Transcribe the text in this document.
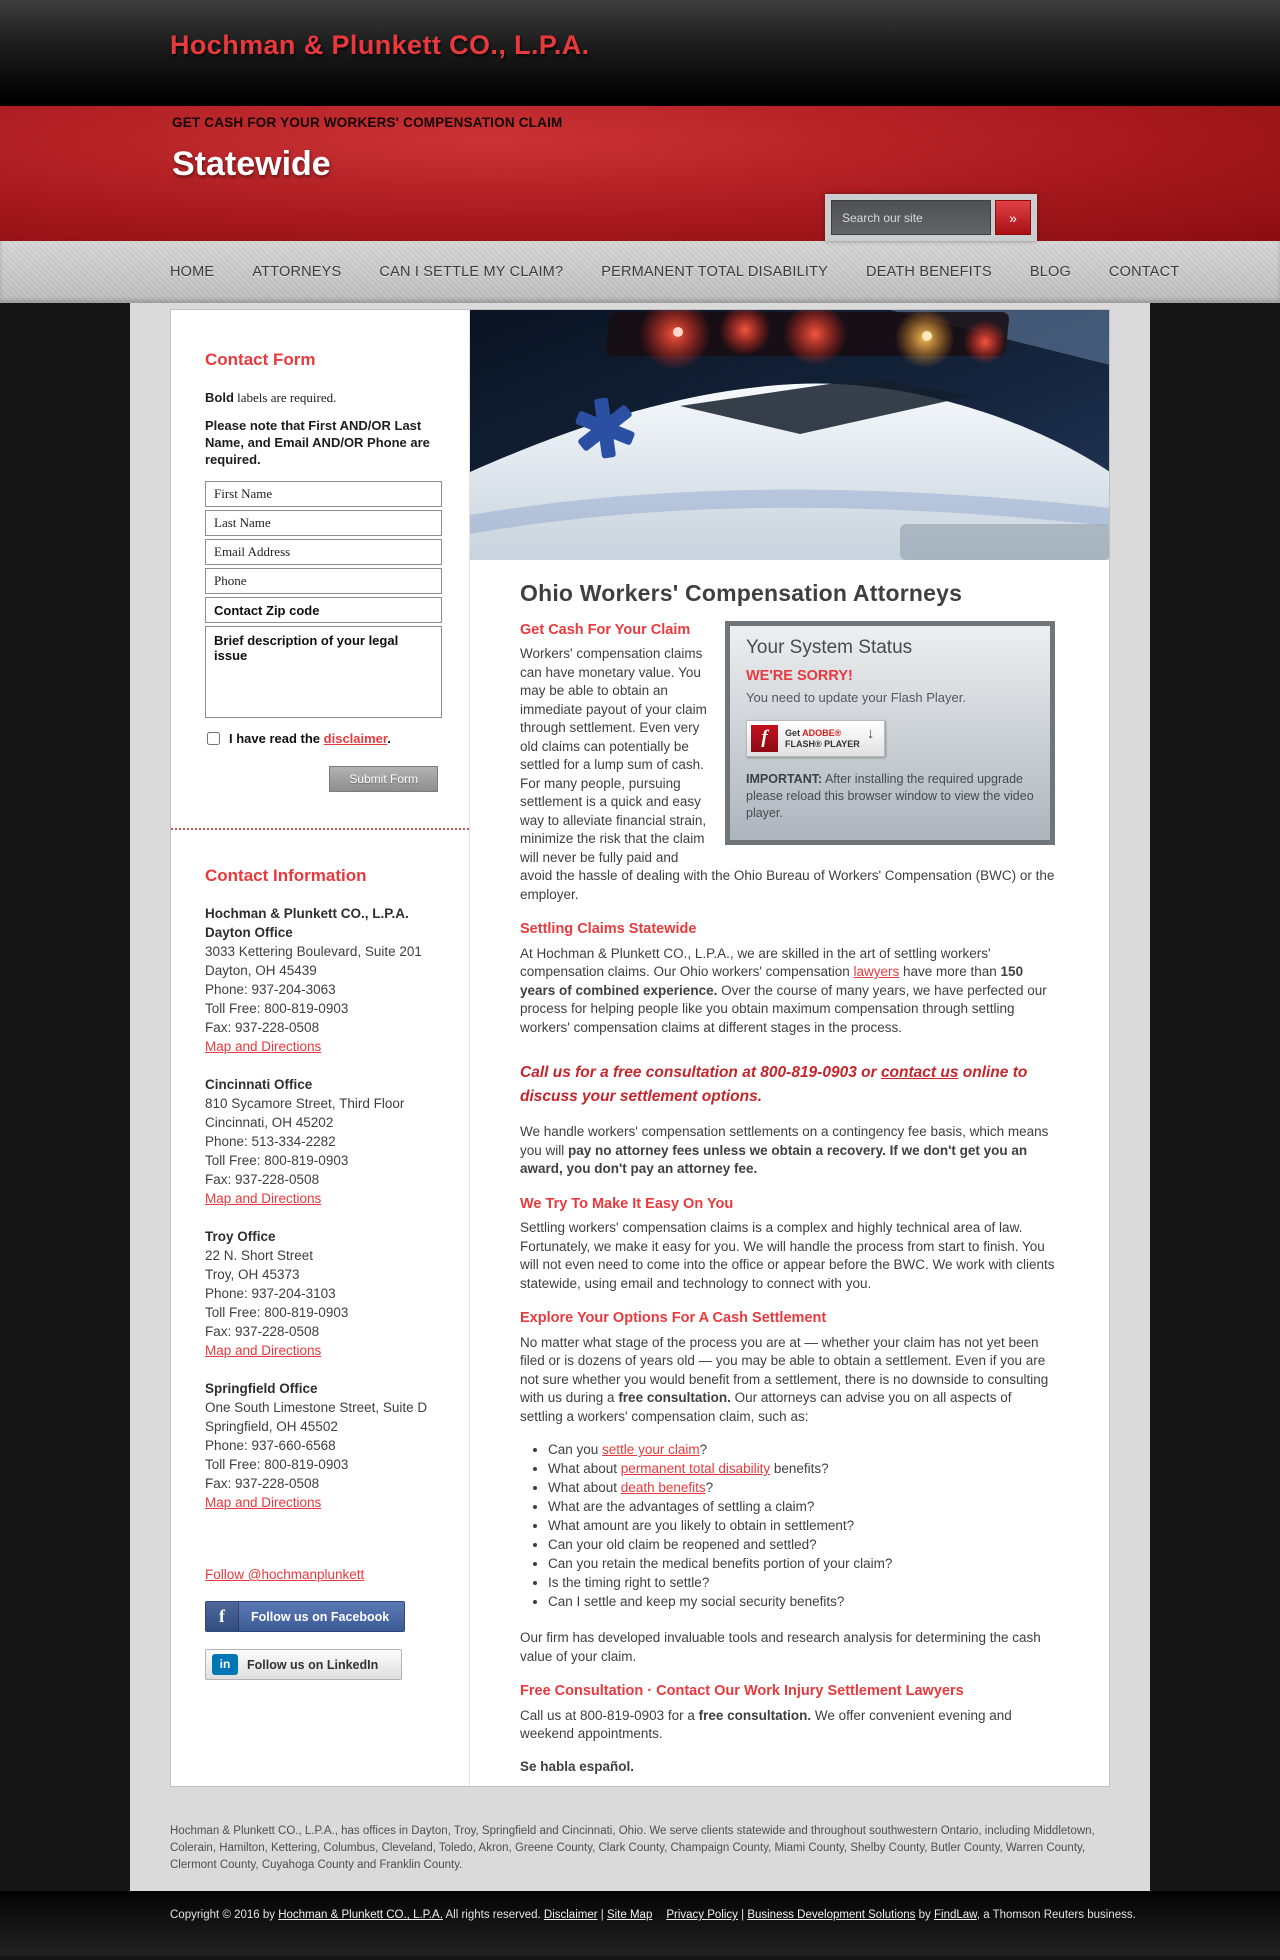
Hochman & Plunkett CO., L.P.A.
GET CASH FOR YOUR WORKERS' COMPENSATION CLAIM
Statewide
Search our site
»
HOME	ATTORNEYS	CAN I SETTLE MY CLAIM?	PERMANENT TOTAL DISABILITY	DEATH BENEFITS	BLOG	CONTACT
Contact Form

Bold labels are required.

Please note that First AND/OR Last Name, and Email AND/OR Phone are required.

First Name
Last Name
Email Address
Phone
Contact Zip code
Brief description of your legal issue
I have read the disclaimer.
Submit Form
Contact Information
Hochman & Plunkett CO., L.P.A.
Dayton Office
3033 Kettering Boulevard, Suite 201
Dayton, OH 45439
Phone: 937-204-3063
Toll Free: 800-819-0903
Fax: 937-228-0508
Map and Directions
Cincinnati Office
810 Sycamore Street, Third Floor
Cincinnati, OH 45202
Phone: 513-334-2282
Toll Free: 800-819-0903
Fax: 937-228-0508
Map and Directions
Troy Office
22 N. Short Street
Troy, OH 45373
Phone: 937-204-3103
Toll Free: 800-819-0903
Fax: 937-228-0508
Map and Directions
Springfield Office
One South Limestone Street, Suite D
Springfield, OH 45502
Phone: 937-660-6568
Toll Free: 800-819-0903
Fax: 937-228-0508
Map and Directions
Follow @hochmanplunkett
f	Follow us on Facebook
in	Follow us on LinkedIn
Ohio Workers' Compensation Attorneys
Your System Status
WE'RE SORRY!
You need to update your Flash Player.
f	Get ADOBE®
FLASH® PLAYER
↓
IMPORTANT: After installing the required upgrade please reload this browser window to view the video player.
Get Cash For Your Claim

Workers' compensation claims can have monetary value. You may be able to obtain an immediate payout of your claim through settlement. Even very old claims can potentially be settled for a lump sum of cash. For many people, pursuing settlement is a quick and easy way to alleviate financial strain, minimize the risk that the claim will never be fully paid and avoid the hassle of dealing with the Ohio Bureau of Workers' Compensation (BWC) or the employer.

Settling Claims Statewide

At Hochman & Plunkett CO., L.P.A., we are skilled in the art of settling workers' compensation claims. Our Ohio workers' compensation lawyers have more than 150 years of combined experience. Over the course of many years, we have perfected our process for helping people like you obtain maximum compensation through settling workers' compensation claims at different stages in the process.

Call us for a free consultation at 800-819-0903 or contact us online to discuss your settlement options.

We handle workers' compensation settlements on a contingency fee basis, which means you will pay no attorney fees unless we obtain a recovery. If we don't get you an award, you don't pay an attorney fee.

We Try To Make It Easy On You

Settling workers' compensation claims is a complex and highly technical area of law. Fortunately, we make it easy for you. We will handle the process from start to finish. You will not even need to come into the office or appear before the BWC. We work with clients statewide, using email and technology to connect with you.

Explore Your Options For A Cash Settlement

No matter what stage of the process you are at — whether your claim has not yet been filed or is dozens of years old — you may be able to obtain a settlement. Even if you are not sure whether you would benefit from a settlement, there is no downside to consulting with us during a free consultation. Our attorneys can advise you on all aspects of settling a workers' compensation claim, such as:

• Can you settle your claim?
• What about permanent total disability benefits?
• What about death benefits?
• What are the advantages of settling a claim?
• What amount are you likely to obtain in settlement?
• Can your old claim be reopened and settled?
• Can you retain the medical benefits portion of your claim?
• Is the timing right to settle?
• Can I settle and keep my social security benefits?

Our firm has developed invaluable tools and research analysis for determining the cash value of your claim.

Free Consultation · Contact Our Work Injury Settlement Lawyers

Call us at 800-819-0903 for a free consultation. We offer convenient evening and weekend appointments.

Se habla español.

Hochman & Plunkett CO., L.P.A., has offices in Dayton, Troy, Springfield and Cincinnati, Ohio. We serve clients statewide and throughout southwestern Ontario, including Middletown, Colerain, Hamilton, Kettering, Columbus, Cleveland, Toledo, Akron, Greene County, Clark County, Champaign County, Miami County, Shelby County, Butler County, Warren County, Clermont County, Cuyahoga County and Franklin County.
Copyright © 2016 by Hochman & Plunkett CO., L.P.A. All rights reserved. Disclaimer | Site Map Privacy Policy | Business Development Solutions by FindLaw, a Thomson Reuters business.
